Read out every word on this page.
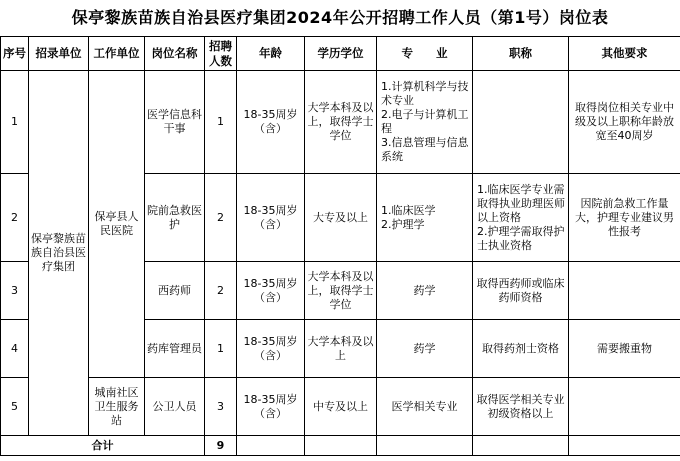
保亭黎族苗族自治县医疗集团2024年公开招聘工作人员（第1号）岗位表
序号	招录单位	工作单位	岗位名称	招聘人数	年龄	学历学位	专　　业	职称	其他要求
1	保亭黎族苗族自治县医疗集团	保亭县人民医院	医学信息科干事	1	18-35周岁（含）	大学本科及以上，取得学士学位	1.计算机科学与技术专业
2.电子与计算机工程
3.信息管理与信息系统		取得岗位相关专业中级及以上职称年龄放宽至40周岁
2			院前急救医护	2	18-35周岁（含）	大专及以上	1.临床医学
2.护理学	1.临床医学专业需取得执业助理医师以上资格
2.护理学需取得护士执业资格	因院前急救工作量大，护理专业建议男性报考
3			西药师	2	18-35周岁（含）	大学本科及以上，取得学士学位	药学	取得西药师或临床药师资格	
4			药库管理员	1	18-35周岁（含）	大学本科及以上	药学	取得药剂士资格	需要搬重物
5		城南社区卫生服务站	公卫人员	3	18-35周岁（含）	中专及以上	医学相关专业	取得医学相关专业初级资格以上	
合计				9					
